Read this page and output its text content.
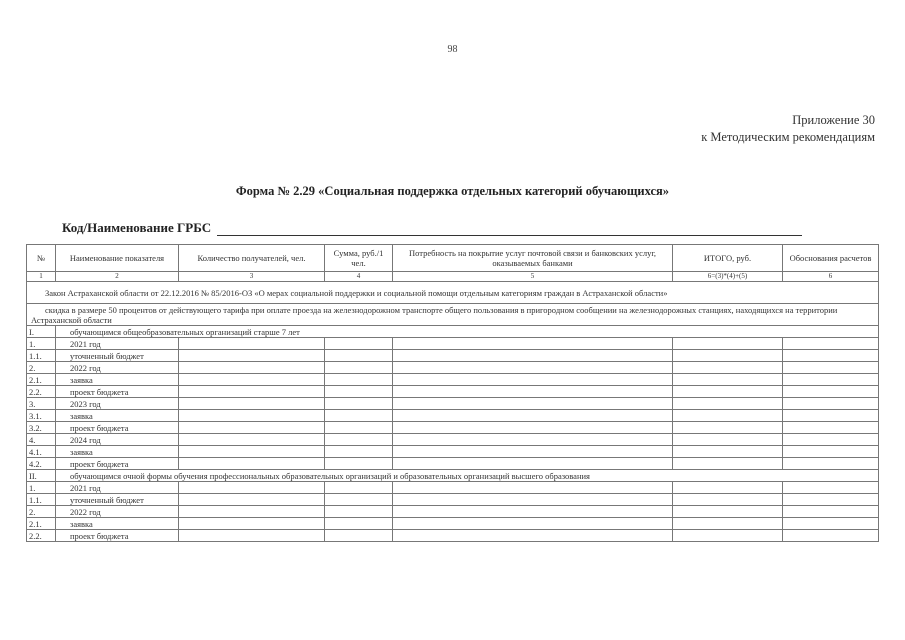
98
Приложение 30
к Методическим рекомендациям
Форма № 2.29 «Социальная поддержка отдельных категорий обучающихся»
Код/Наименование ГРБС
№	Наименование показателя	Количество получателей, чел.	Сумма, руб./1 чел.	Потребность на покрытие услуг почтовой связи и банковских услуг, оказываемых банками	ИТОГО, руб.	Обоснования расчетов
1	2	3	4	5	6=(3)*(4)+(5)	6
Закон Астраханской области от 22.12.2016 № 85/2016-ОЗ «О мерах социальной поддержки и социальной помощи отдельным категориям граждан в Астраханской области»						
скидка в размере 50 процентов от действующего тарифа при оплате проезда на железнодорожном транспорте общего пользования в пригородном сообщении на железнодорожных станциях, находящихся на территории Астраханской области						
I.	обучающимся общеобразовательных организаций старше 7 лет					
1.	2021 год					
1.1.	уточненный бюджет					
2.	2022 год					
2.1.	заявка					
2.2.	проект бюджета					
3.	2023 год					
3.1.	заявка					
3.2.	проект бюджета					
4.	2024 год					
4.1.	заявка					
4.2.	проект бюджета					
II.	обучающимся очной формы обучения профессиональных образовательных организаций и образовательных организаций высшего образования					
1.	2021 год					
1.1.	уточненный бюджет					
2.	2022 год					
2.1.	заявка					
2.2.	проект бюджета					
